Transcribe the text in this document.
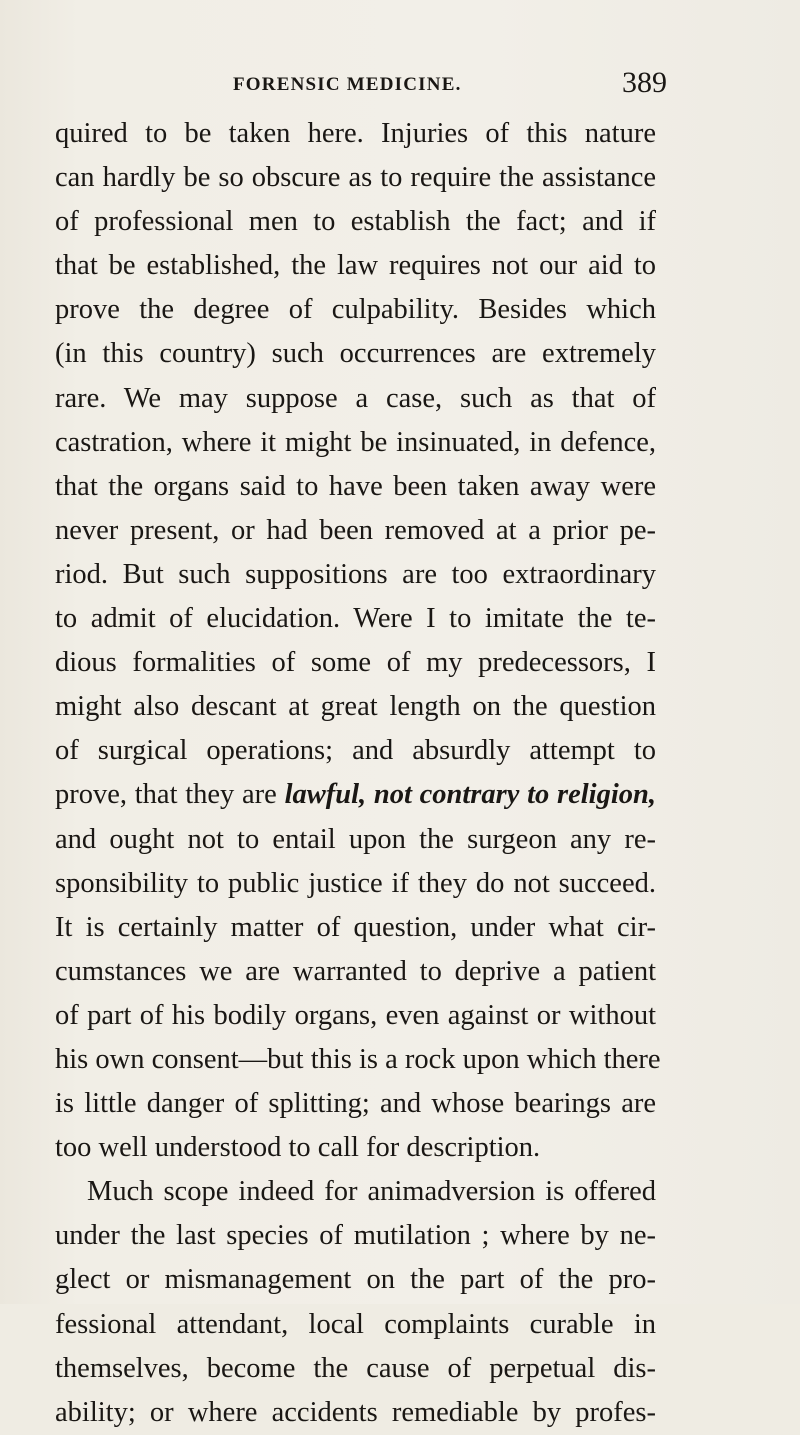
FORENSIC MEDICINE.	389
quired to be taken here. Injuries of this nature
can hardly be so obscure as to require the assistance
of professional men to establish the fact; and if
that be established, the law requires not our aid to
prove the degree of culpability. Besides which
(in this country) such occurrences are extremely
rare. We may suppose a case, such as that of
castration, where it might be insinuated, in defence,
that the organs said to have been taken away were
never present, or had been removed at a prior pe-
riod. But such suppositions are too extraordinary
to admit of elucidation. Were I to imitate the te-
dious formalities of some of my predecessors, I
might also descant at great length on the question
of surgical operations; and absurdly attempt to
prove, that they are lawful, not contrary to religion,
and ought not to entail upon the surgeon any re-
sponsibility to public justice if they do not succeed.
It is certainly matter of question, under what cir-
cumstances we are warranted to deprive a patient
of part of his bodily organs, even against or without
his own consent—but this is a rock upon which there
is little danger of splitting; and whose bearings are
too well understood to call for description.
Much scope indeed for animadversion is offered
under the last species of mutilation ; where by ne-
glect or mismanagement on the part of the pro-
fessional attendant, local complaints curable in
themselves, become the cause of perpetual dis-
ability; or where accidents remediable by profes-
